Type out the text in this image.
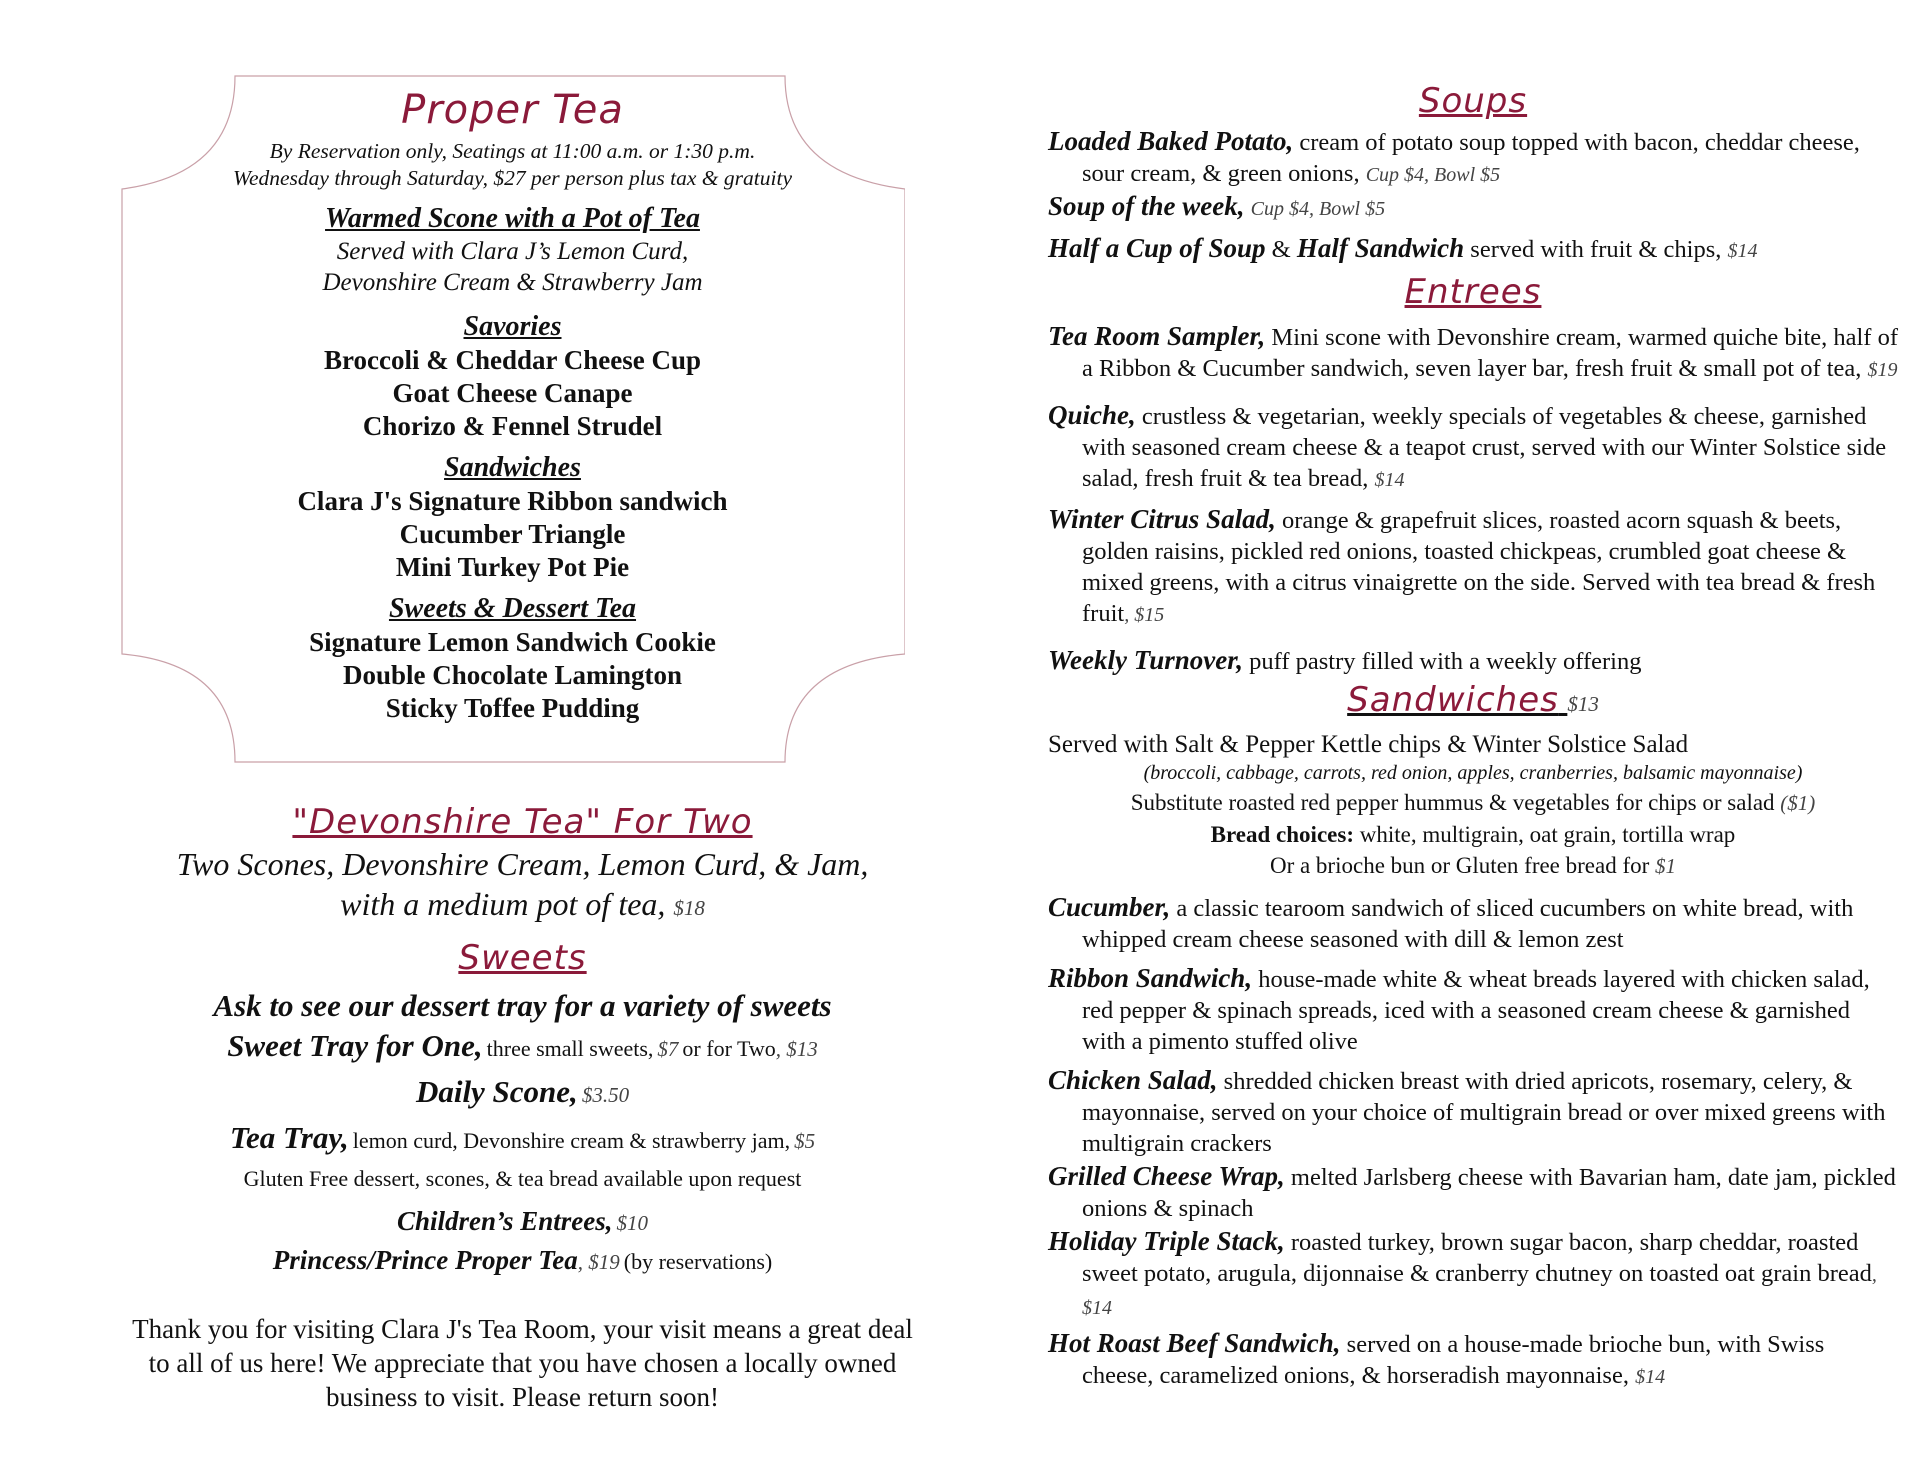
Proper Tea
By Reservation only, Seatings at 11:00 a.m. or 1:30 p.m.
Wednesday through Saturday, $27 per person plus tax & gratuity
Warmed Scone with a Pot of Tea
Served with Clara J’s Lemon Curd,
Devonshire Cream & Strawberry Jam
Savories
Broccoli & Cheddar Cheese Cup
Goat Cheese Canape
Chorizo & Fennel Strudel
Sandwiches
Clara J's Signature Ribbon sandwich
Cucumber Triangle
Mini Turkey Pot Pie
Sweets & Dessert Tea
Signature Lemon Sandwich Cookie
Double Chocolate Lamington
Sticky Toffee Pudding
"Devonshire Tea" For Two
Two Scones, Devonshire Cream, Lemon Curd, & Jam,
with a medium pot of tea, $18
Sweets
Ask to see our dessert tray for a variety of sweets
Sweet Tray for One, three small sweets, $7 or for Two, $13
Daily Scone, $3.50
Tea Tray, lemon curd, Devonshire cream & strawberry jam, $5
Gluten Free dessert, scones, & tea bread available upon request
Children’s Entrees, $10
Princess/Prince Proper Tea, $19 (by reservations)
Thank you for visiting Clara J's Tea Room, your visit means a great deal to all of us here! We appreciate that you have chosen a locally owned business to visit. Please return soon!
Soups
Loaded Baked Potato, cream of potato soup topped with bacon, cheddar cheese, sour cream, & green onions, Cup $4, Bowl $5
Soup of the week, Cup $4, Bowl $5
Half a Cup of Soup & Half Sandwich served with fruit & chips, $14
Entrees
Tea Room Sampler, Mini scone with Devonshire cream, warmed quiche bite, half of a Ribbon & Cucumber sandwich, seven layer bar, fresh fruit & small pot of tea, $19
Quiche, crustless & vegetarian, weekly specials of vegetables & cheese, garnished with seasoned cream cheese & a teapot crust, served with our Winter Solstice side salad, fresh fruit & tea bread, $14
Winter Citrus Salad, orange & grapefruit slices, roasted acorn squash & beets, golden raisins, pickled red onions, toasted chickpeas, crumbled goat cheese & mixed greens, with a citrus vinaigrette on the side. Served with tea bread & fresh fruit, $15
Weekly Turnover, puff pastry filled with a weekly offering
Sandwiches $13
Served with Salt & Pepper Kettle chips & Winter Solstice Salad
(broccoli, cabbage, carrots, red onion, apples, cranberries, balsamic mayonnaise)
Substitute roasted red pepper hummus & vegetables for chips or salad ($1)
Bread choices: white, multigrain, oat grain, tortilla wrap
Or a brioche bun or Gluten free bread for $1
Cucumber, a classic tearoom sandwich of sliced cucumbers on white bread, with whipped cream cheese seasoned with dill & lemon zest
Ribbon Sandwich, house-made white & wheat breads layered with chicken salad, red pepper & spinach spreads, iced with a seasoned cream cheese & garnished with a pimento stuffed olive
Chicken Salad, shredded chicken breast with dried apricots, rosemary, celery, & mayonnaise, served on your choice of multigrain bread or over mixed greens with multigrain crackers
Grilled Cheese Wrap, melted Jarlsberg cheese with Bavarian ham, date jam, pickled onions & spinach
Holiday Triple Stack, roasted turkey, brown sugar bacon, sharp cheddar, roasted sweet potato, arugula, dijonnaise & cranberry chutney on toasted oat grain bread, $14
Hot Roast Beef Sandwich, served on a house-made brioche bun, with Swiss cheese, caramelized onions, & horseradish mayonnaise, $14
